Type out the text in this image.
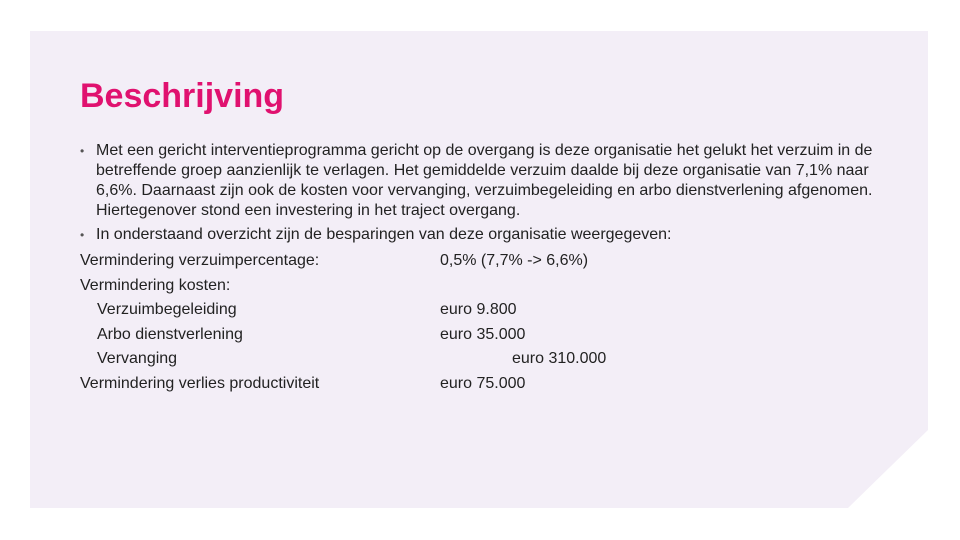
Beschrijving
• Met een gericht interventieprogramma gericht op de overgang is deze organisatie het gelukt het verzuim in de betreffende groep aanzienlijk te verlagen. Het gemiddelde verzuim daalde bij deze organisatie van 7,1% naar 6,6%. Daarnaast zijn ook de kosten voor vervanging, verzuimbegeleiding en arbo dienstverlening afgenomen. Hiertegenover stond een investering in het traject overgang.
• In onderstaand overzicht zijn de besparingen van deze organisatie weergegeven:
Vermindering verzuimpercentage:	0,5% (7,7% -> 6,6%)
Vermindering kosten:
Verzuimbegeleiding	euro 9.800
Arbo dienstverlening	euro 35.000
Vervanging	euro 310.000
Vermindering verlies productiviteit	euro 75.000
